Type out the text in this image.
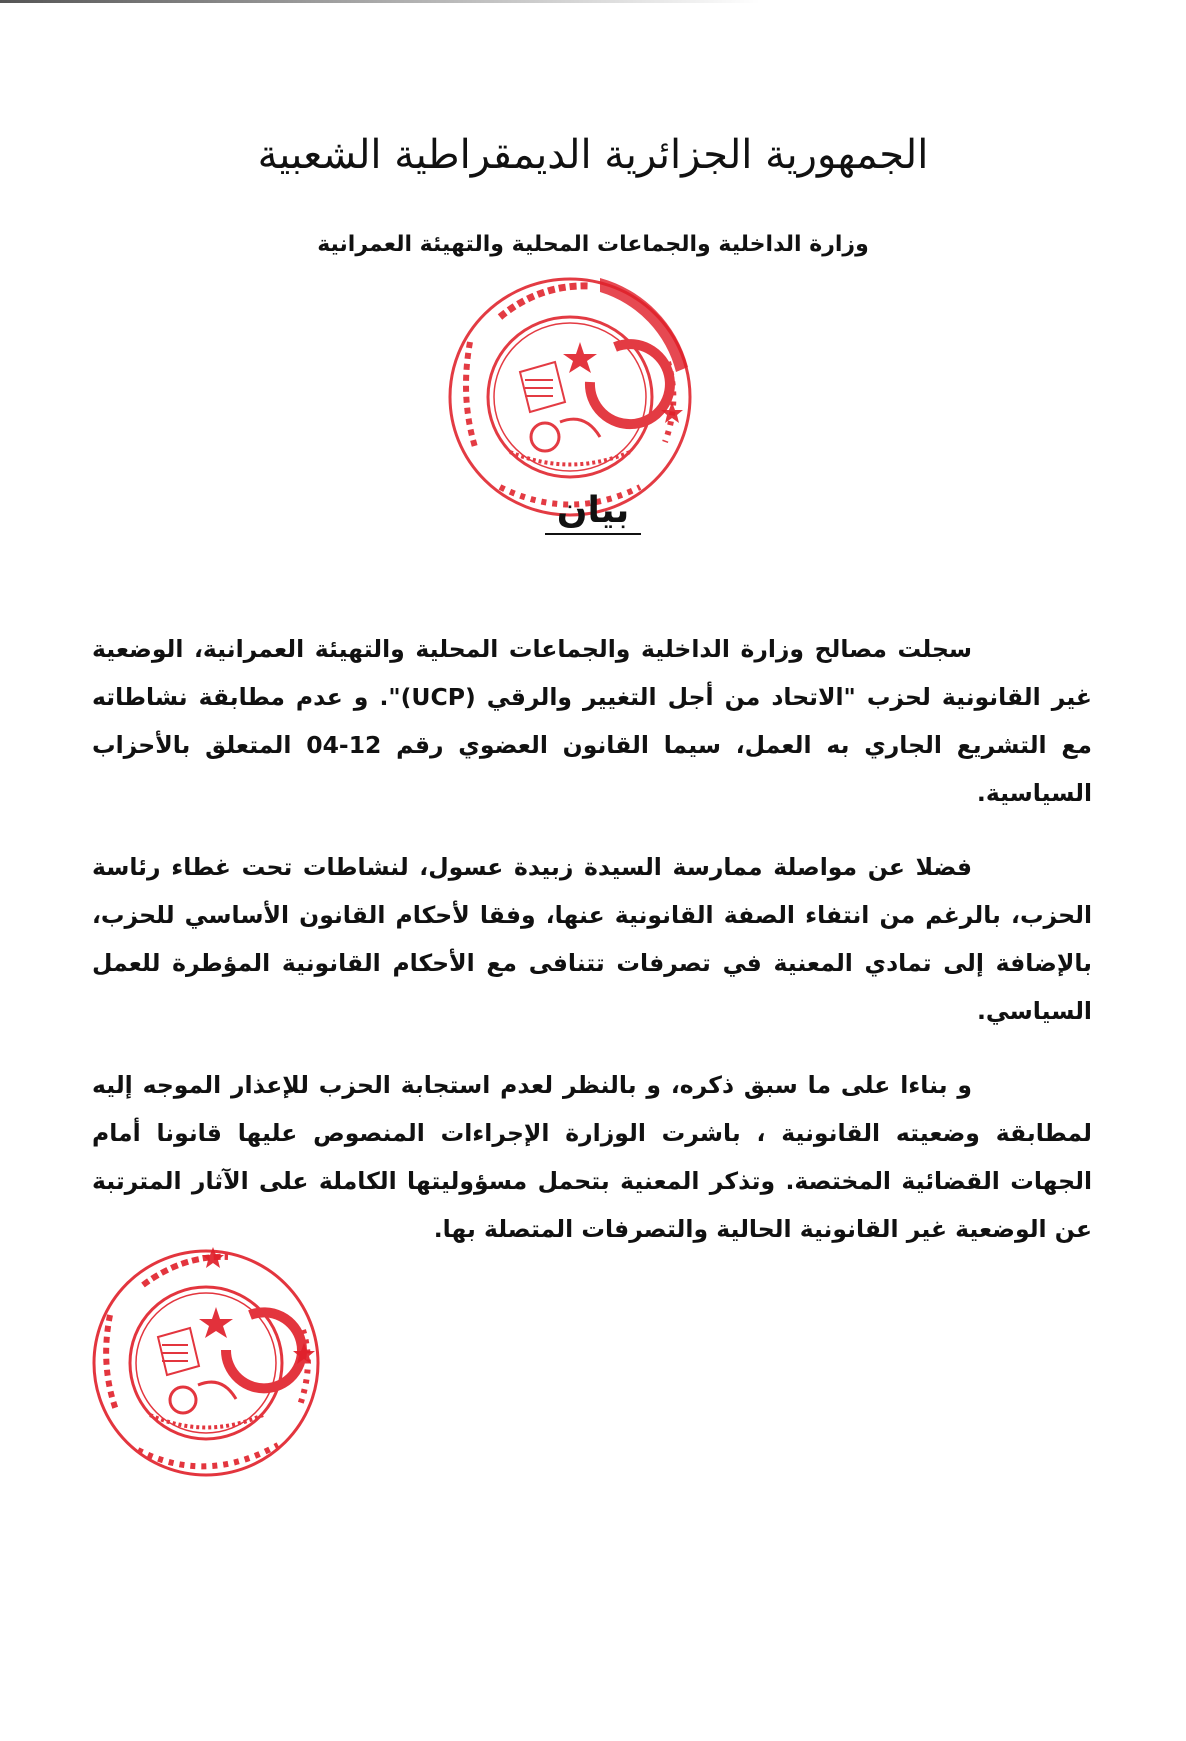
الجمهورية الجزائرية الديمقراطية الشعبية
وزارة الداخلية والجماعات المحلية والتهيئة العمرانية
بيان

سجلت مصالح وزارة الداخلية والجماعات المحلية والتهيئة العمرانية، الوضعية غير القانونية لحزب "الاتحاد من أجل التغيير والرقي (UCP)". و عدم مطابقة نشاطاته مع التشريع الجاري به العمل، سيما القانون العضوي رقم 12-04 المتعلق بالأحزاب السياسية.

فضلا عن مواصلة ممارسة السيدة زبيدة عسول، لنشاطات تحت غطاء رئاسة الحزب، بالرغم من انتفاء الصفة القانونية عنها، وفقا لأحكام القانون الأساسي للحزب، بالإضافة إلى تمادي المعنية في تصرفات تتنافى مع الأحكام القانونية المؤطرة للعمل السياسي.

و بناءا على ما سبق ذكره، و بالنظر لعدم استجابة الحزب للإعذار الموجه إليه لمطابقة وضعيته القانونية ، باشرت الوزارة الإجراءات المنصوص عليها قانونا أمام الجهات القضائية المختصة. وتذكر المعنية بتحمل مسؤوليتها الكاملة على الآثار المترتبة عن الوضعية غير القانونية الحالية والتصرفات المتصلة بها.
